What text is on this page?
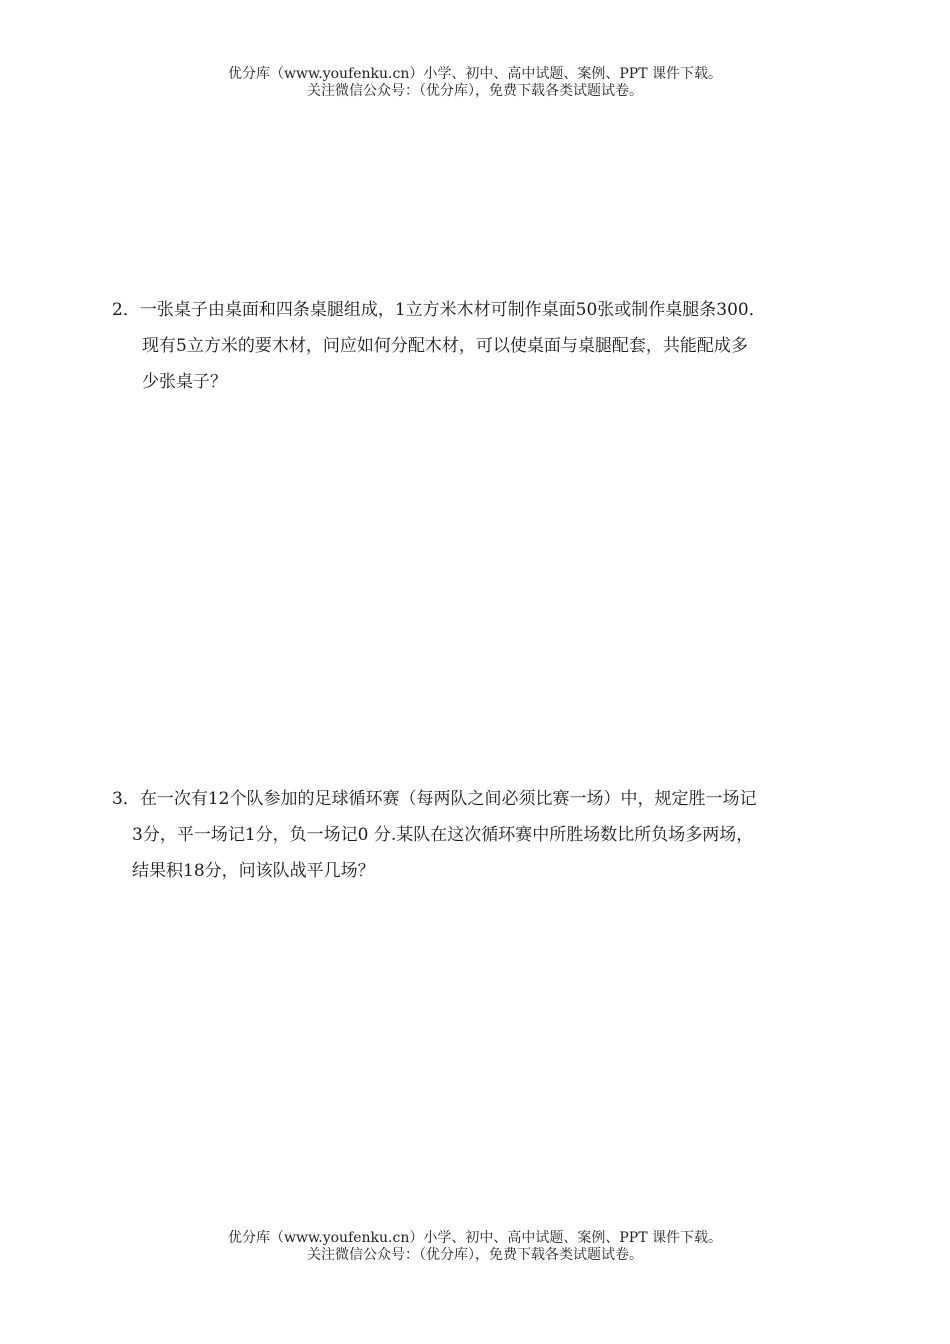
优分库（www.youfenku.cn）小学、初中、高中试题、案例、PPT 课件下载。
关注微信公众号：（优分库），免费下载各类试题试卷。
2．一张桌子由桌面和四条桌腿组成，1立方米木材可制作桌面50张或制作桌腿条300．
现有5立方米的要木材，问应如何分配木材，可以使桌面与桌腿配套，共能配成多
少张桌子？
3．在一次有12个队参加的足球循环赛（每两队之间必须比赛一场）中，规定胜一场记
3分，平一场记1分，负一场记0 分.某队在这次循环赛中所胜场数比所负场多两场，
结果积18分，问该队战平几场？
优分库（www.youfenku.cn）小学、初中、高中试题、案例、PPT 课件下载。
关注微信公众号：（优分库），免费下载各类试题试卷。
